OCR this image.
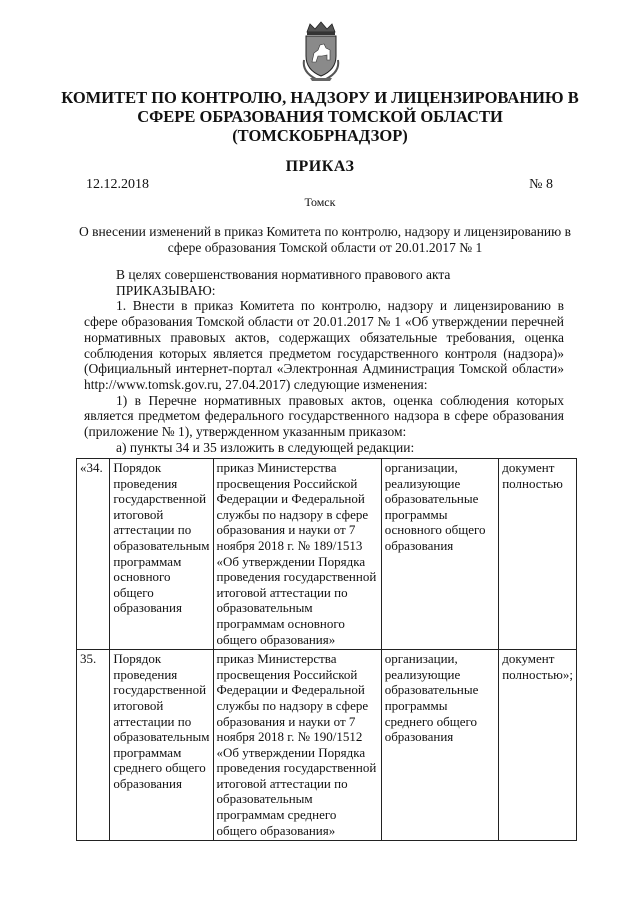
КОМИТЕТ ПО КОНТРОЛЮ, НАДЗОРУ И ЛИЦЕНЗИРОВАНИЮ В
СФЕРЕ ОБРАЗОВАНИЯ ТОМСКОЙ ОБЛАСТИ
(ТОМСКОБРНАДЗОР)
ПРИКАЗ
12.12.2018	№ 8
Томск
О внесении изменений в приказ Комитета по контролю, надзору и лицензированию в
сфере образования Томской области от 20.01.2017 № 1

В целях совершенствования нормативного правового акта

ПРИКАЗЫВАЮ:

1. Внести в приказ Комитета по контролю, надзору и лицензированию в сфере образования Томской области от 20.01.2017 № 1 «Об утверждении перечней нормативных правовых актов, содержащих обязательные требования, оценка соблюдения которых является предметом государственного контроля (надзора)» (Официальный интернет-портал «Электронная Администрация Томской области» http://www.tomsk.gov.ru, 27.04.2017) следующие изменения:

1) в Перечне нормативных правовых актов, оценка соблюдения которых является предметом федерального государственного надзора в сфере образования (приложение № 1), утвержденном указанным приказом:

а) пункты 34 и 35 изложить в следующей редакции:

«34.	Порядок проведения государственной итоговой аттестации по образовательным программам основного общего образования	приказ Министерства просвещения Российской Федерации и Федеральной службы по надзору в сфере образования и науки от 7 ноября 2018 г. № 189/1513 «Об утверждении Порядка проведения государственной итоговой аттестации по образовательным программам основного общего образования»	организации, реализующие образовательные программы основного общего образования	документ полностью
35.	Порядок проведения государственной итоговой аттестации по образовательным программам среднего общего образования	приказ Министерства просвещения Российской Федерации и Федеральной службы по надзору в сфере образования и науки от 7 ноября 2018 г. № 190/1512 «Об утверждении Порядка проведения государственной итоговой аттестации по образовательным программам среднего общего образования»	организации, реализующие образовательные программы среднего общего образования	документ полностью»;
